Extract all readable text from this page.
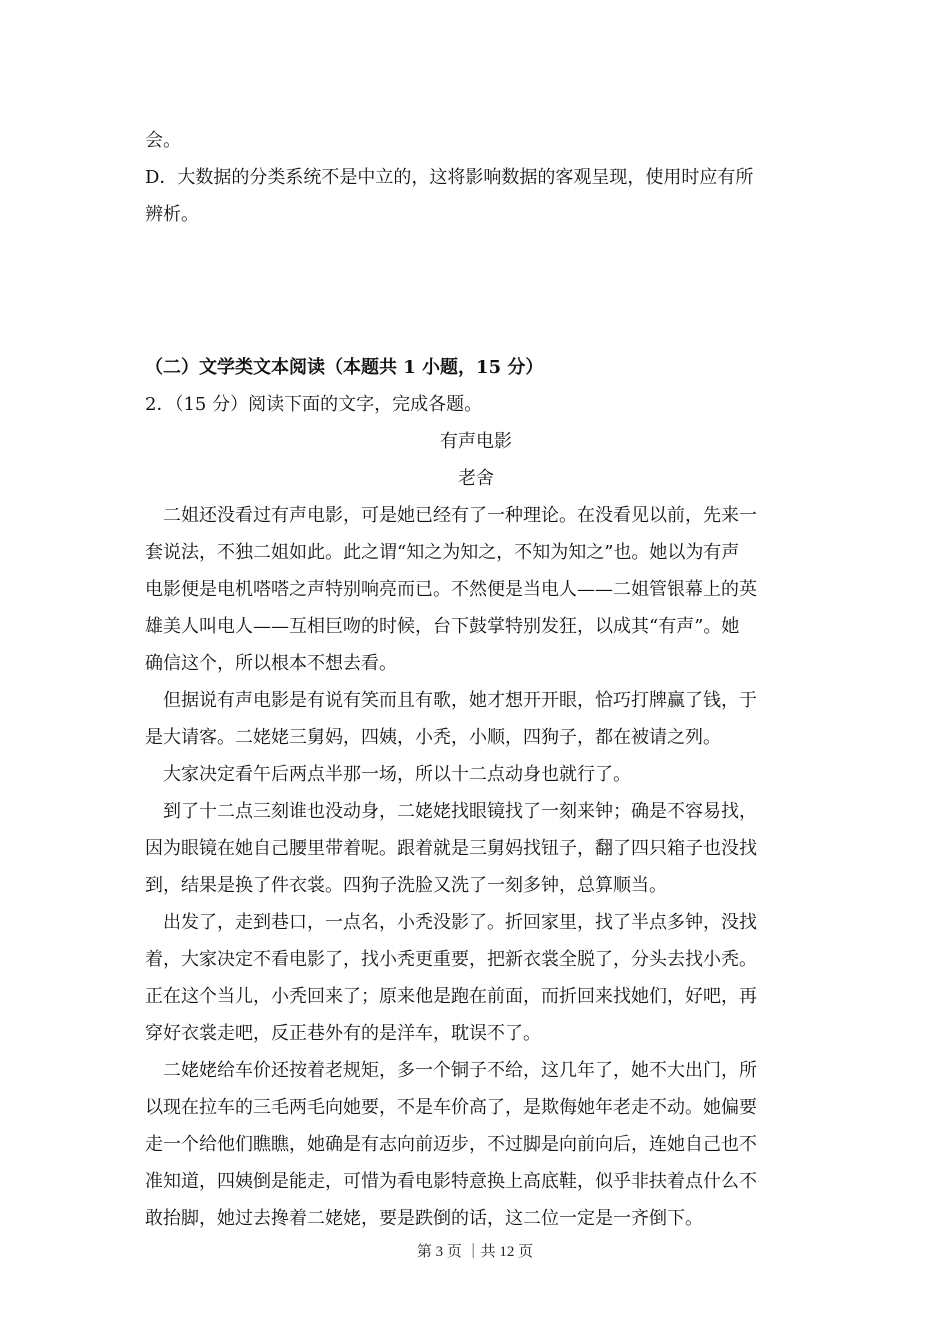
会。
D．大数据的分类系统不是中立的，这将影响数据的客观呈现，使用时应有所
辨析。
（二）文学类文本阅读（本题共 1 小题，15 分）
2．（15 分）阅读下面的文字，完成各题。
有声电影
老舍
二姐还没看过有声电影，可是她已经有了一种理论。在没看见以前，先来一
套说法，不独二姐如此。此之谓“知之为知之，不知为知之”也。她以为有声
电影便是电机嗒嗒之声特别响亮而已。不然便是当电人——二姐管银幕上的英
雄美人叫电人——互相巨吻的时候，台下鼓掌特别发狂，以成其“有声”。她
确信这个，所以根本不想去看。
但据说有声电影是有说有笑而且有歌，她才想开开眼，恰巧打牌赢了钱，于
是大请客。二姥姥三舅妈，四姨，小秃，小顺，四狗子，都在被请之列。
大家决定看午后两点半那一场，所以十二点动身也就行了。
到了十二点三刻谁也没动身，二姥姥找眼镜找了一刻来钟；确是不容易找，
因为眼镜在她自己腰里带着呢。跟着就是三舅妈找钮子，翻了四只箱子也没找
到，结果是换了件衣裳。四狗子洗脸又洗了一刻多钟，总算顺当。
出发了，走到巷口，一点名，小秃没影了。折回家里，找了半点多钟，没找
着，大家决定不看电影了，找小秃更重要，把新衣裳全脱了，分头去找小秃。
正在这个当儿，小秃回来了；原来他是跑在前面，而折回来找她们，好吧，再
穿好衣裳走吧，反正巷外有的是洋车，耽误不了。
二姥姥给车价还按着老规矩，多一个铜子不给，这几年了，她不大出门，所
以现在拉车的三毛两毛向她要，不是车价高了，是欺侮她年老走不动。她偏要
走一个给他们瞧瞧，她确是有志向前迈步，不过脚是向前向后，连她自己也不
准知道，四姨倒是能走，可惜为看电影特意换上高底鞋，似乎非扶着点什么不
敢抬脚，她过去搀着二姥姥，要是跌倒的话，这二位一定是一齐倒下。
第 3 页 ｜共 12 页
